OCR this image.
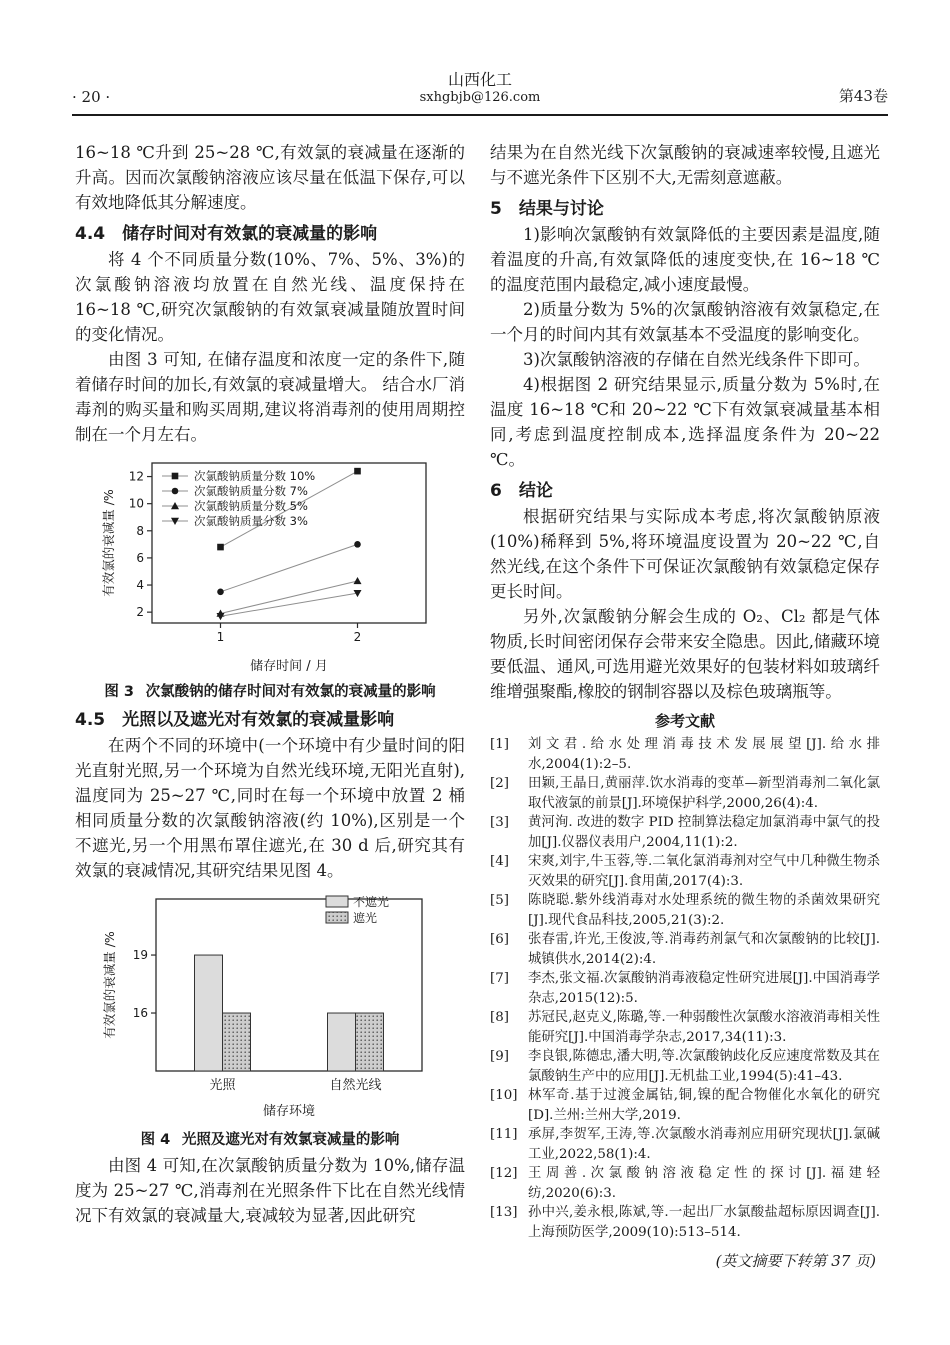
· 20 ·
山西化工
sxhgbjb@126.com	第43卷

16~18 ℃升到 25~28 ℃,有效氯的衰减量在逐渐的升高。因而次氯酸钠溶液应该尽量在低温下保存,可以有效地降低其分解速度。

4.4 储存时间对有效氯的衰减量的影响

将 4 个不同质量分数(10%、7%、5%、3%)的次氯酸钠溶液均放置在自然光线、温度保持在 16~18 ℃,研究次氯酸钠的有效氯衰减量随放置时间的变化情况。

由图 3 可知, 在储存温度和浓度一定的条件下,随着储存时间的加长,有效氯的衰减量增大。 结合水厂消毒剂的购买量和购买周期,建议将消毒剂的使用周期控制在一个月左右。

2
4
6
8
10
12
1	2
次氯酸钠质量分数 10%
次氯酸钠质量分数 7%
次氯酸钠质量分数 5%
次氯酸钠质量分数 3%
有效氯的衰减量 /%
储存时间 / 月
图 3 次氯酸钠的储存时间对有效氯的衰减量的影响
4.5 光照以及遮光对有效氯的衰减量影响

在两个不同的环境中(一个环境中有少量时间的阳光直射光照,另一个环境为自然光线环境,无阳光直射),温度同为 25~27 ℃,同时在每一个环境中放置 2 桶相同质量分数的次氯酸钠溶液(约 10%),区别是一个不遮光,另一个用黑布罩住遮光,在 30 d 后,研究其有效氯的衰减情况,其研究结果见图 4。

16
19
光照	自然光线
不遮光
遮光
有效氯的衰减量 /%
储存环境
图 4 光照及遮光对有效氯衰减量的影响

由图 4 可知,在次氯酸钠质量分数为 10%,储存温度为 25~27 ℃,消毒剂在光照条件下比在自然光线情况下有效氯的衰减量大,衰减较为显著,因此研究

结果为在自然光线下次氯酸钠的衰减速率较慢,且遮光与不遮光条件下区别不大,无需刻意遮蔽。

5 结果与讨论

1)影响次氯酸钠有效氯降低的主要因素是温度,随着温度的升高,有效氯降低的速度变快,在 16~18 ℃的温度范围内最稳定,减小速度最慢。

2)质量分数为 5%的次氯酸钠溶液有效氯稳定,在一个月的时间内其有效氯基本不受温度的影响变化。

3)次氯酸钠溶液的存储在自然光线条件下即可。

4)根据图 2 研究结果显示,质量分数为 5%时,在温度 16~18 ℃和 20~22 ℃下有效氯衰减量基本相同,考虑到温度控制成本,选择温度条件为 20~22 ℃。

6 结论

根据研究结果与实际成本考虑,将次氯酸钠原液(10%)稀释到 5%,将环境温度设置为 20~22 ℃,自然光线,在这个条件下可保证次氯酸钠有效氯稳定保存更长时间。

另外,次氯酸钠分解会生成的 O₂、Cl₂ 都是气体物质,长时间密闭保存会带来安全隐患。因此,储藏环境要低温、通风,可选用避光效果好的包装材料如玻璃纤维增强聚酯,橡胶的钢制容器以及棕色玻璃瓶等。

参考文献
[1]	刘文君.给水处理消毒技术发展展望[J].给水排水,2004(1):2–5.
[2]	田颖,王晶日,黄丽萍.饮水消毒的变革—新型消毒剂二氧化氯取代液氯的前景[J].环境保护科学,2000,26(4):4.
[3]	黄河洵. 改进的数字 PID 控制算法稳定加氯消毒中氯气的投加[J].仪器仪表用户,2004,11(1):2.
[4]	宋爽,刘宇,牛玉蓉,等.二氧化氯消毒剂对空气中几种微生物杀灭效果的研究[J].食用菌,2017(4):3.
[5]	陈晓聪.紫外线消毒对水处理系统的微生物的杀菌效果研究[J].现代食品科技,2005,21(3):2.
[6]	张春雷,许光,王俊波,等.消毒药剂氯气和次氯酸钠的比较[J].城镇供水,2014(2):4.
[7]	李杰,张文福.次氯酸钠消毒液稳定性研究进展[J].中国消毒学杂志,2015(12):5.
[8]	苏冠民,赵克义,陈璐,等.一种弱酸性次氯酸水溶液消毒相关性能研究[J].中国消毒学杂志,2017,34(11):3.
[9]	李良银,陈德忠,潘大明,等.次氯酸钠歧化反应速度常数及其在氯酸钠生产中的应用[J].无机盐工业,1994(5):41–43.
[10] 林军奇.基于过渡金属钴,铜,镍的配合物催化水氧化的研究[D].兰州:兰州大学,2019.
[11] 承屏,李贺军,王涛,等.次氯酸水消毒剂应用研究现状[J].氯碱工业,2022,58(1):4.
[12] 王周善.次氯酸钠溶液稳定性的探讨[J].福建轻纺,2020(6):3.
[13] 孙中兴,姜永根,陈斌,等.一起出厂水氯酸盐超标原因调查[J].上海预防医学,2009(10):513–514.
(英文摘要下转第 37 页)
